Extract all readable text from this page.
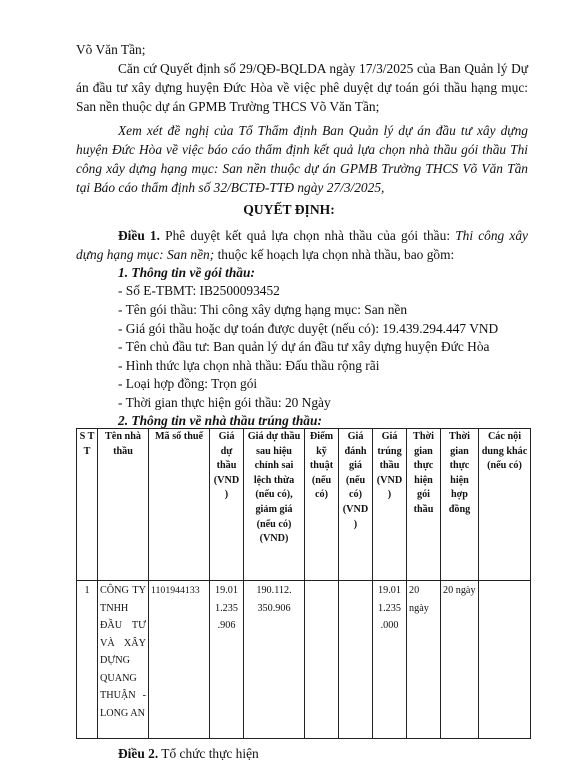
Võ Văn Tần;
Căn cứ Quyết định số 29/QĐ-BQLDA ngày 17/3/2025 của Ban Quản lý Dự án đầu tư xây dựng huyện Đức Hòa về việc phê duyệt dự toán gói thầu hạng mục: San nền thuộc dự án GPMB Trường THCS Võ Văn Tần;
Xem xét đề nghị của Tổ Thẩm định Ban Quản lý dự án đầu tư xây dựng huyện Đức Hòa về việc báo cáo thẩm định kết quả lựa chọn nhà thầu gói thầu Thi công xây dựng hạng mục: San nền thuộc dự án GPMB Trường THCS Võ Văn Tần tại Báo cáo thẩm định số 32/BCTĐ-TTĐ ngày 27/3/2025,
QUYẾT ĐỊNH:
Điều 1. Phê duyệt kết quả lựa chọn nhà thầu của gói thầu: Thi công xây dựng hạng mục: San nền; thuộc kế hoạch lựa chọn nhà thầu, bao gồm:
1. Thông tin về gói thầu:
- Số E-TBMT: IB2500093452
- Tên gói thầu: Thi công xây dựng hạng mục: San nền
- Giá gói thầu hoặc dự toán được duyệt (nếu có): 19.439.294.447 VND
- Tên chủ đầu tư: Ban quản lý dự án đầu tư xây dựng huyện Đức Hòa
- Hình thức lựa chọn nhà thầu: Đấu thầu rộng rãi
- Loại hợp đồng: Trọn gói
- Thời gian thực hiện gói thầu: 20 Ngày
2. Thông tin về nhà thầu trúng thầu:
S T T	Tên nhà thầu	Mã số thuế	Giá dự thầu (VND )	Giá dự thầu sau hiệu chỉnh sai lệch thừa (nếu có), giảm giá (nếu có) (VND)	Điểm kỹ thuật (nếu có)	Giá đánh giá (nếu có) (VND )	Giá trúng thầu (VND )	Thời gian thực hiện gói thầu	Thời gian thực hiện hợp đồng	Các nội dung khác (nếu có)
1	CÔNG TY TNHH ĐẦU TƯ VÀ XÂY DỰNG QUANG THUẬN - LONG AN	1101944133	19.01 1.235 .906	190.112. 350.906			19.01 1.235 .000	20 ngày	20 ngày	
Điều 2. Tổ chức thực hiện
